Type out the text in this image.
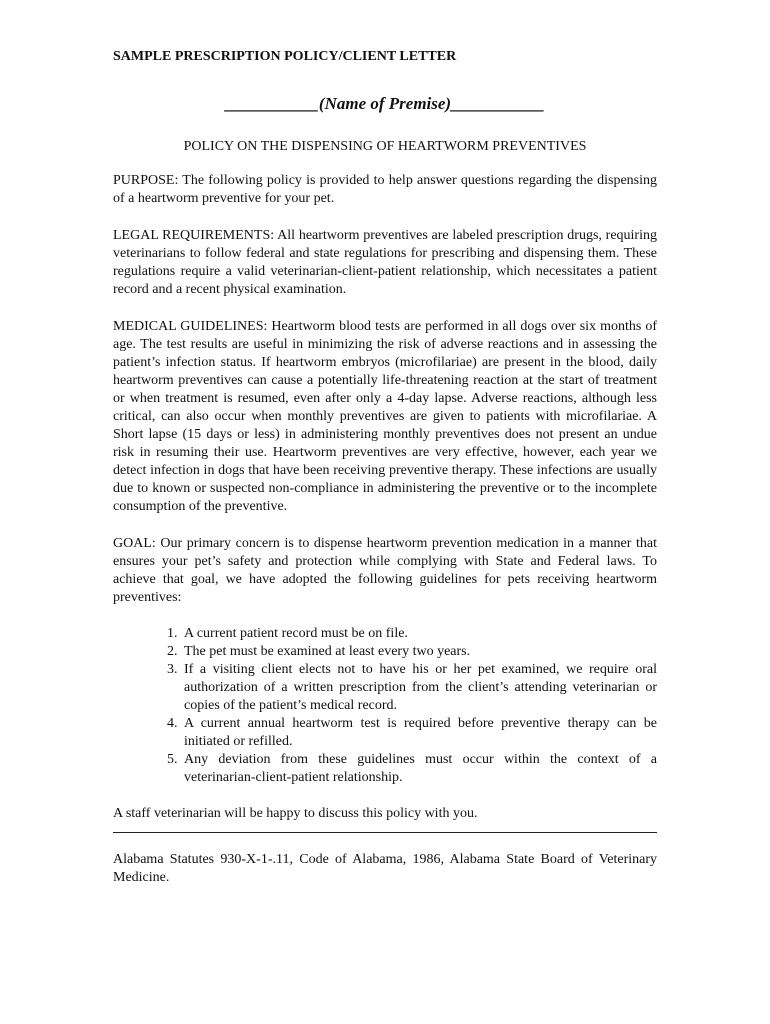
SAMPLE PRESCRIPTION POLICY/CLIENT LETTER

___________(Name of Premise)___________
POLICY ON THE DISPENSING OF HEARTWORM PREVENTIVES

PURPOSE: The following policy is provided to help answer questions regarding the dispensing of a heartworm preventive for your pet.

LEGAL REQUIREMENTS: All heartworm preventives are labeled prescription drugs, requiring veterinarians to follow federal and state regulations for prescribing and dispensing them. These regulations require a valid veterinarian-client-patient relationship, which necessitates a patient record and a recent physical examination.

MEDICAL GUIDELINES: Heartworm blood tests are performed in all dogs over six months of age. The test results are useful in minimizing the risk of adverse reactions and in assessing the patient’s infection status. If heartworm embryos (microfilariae) are present in the blood, daily heartworm preventives can cause a potentially life-threatening reaction at the start of treatment or when treatment is resumed, even after only a 4-day lapse. Adverse reactions, although less critical, can also occur when monthly preventives are given to patients with microfilariae. A Short lapse (15 days or less) in administering monthly preventives does not present an undue risk in resuming their use. Heartworm preventives are very effective, however, each year we detect infection in dogs that have been receiving preventive therapy. These infections are usually due to known or suspected non-compliance in administering the preventive or to the incomplete consumption of the preventive.

GOAL: Our primary concern is to dispense heartworm prevention medication in a manner that ensures your pet’s safety and protection while complying with State and Federal laws. To achieve that goal, we have adopted the following guidelines for pets receiving heartworm preventives:

1. A current patient record must be on file.
2. The pet must be examined at least every two years.
3. If a visiting client elects not to have his or her pet examined, we require oral authorization of a written prescription from the client’s attending veterinarian or copies of the patient’s medical record.
4. A current annual heartworm test is required before preventive therapy can be initiated or refilled.
5. Any deviation from these guidelines must occur within the context of a veterinarian-client-patient relationship.

A staff veterinarian will be happy to discuss this policy with you.

Alabama Statutes 930-X-1-.11, Code of Alabama, 1986, Alabama State Board of Veterinary Medicine.
